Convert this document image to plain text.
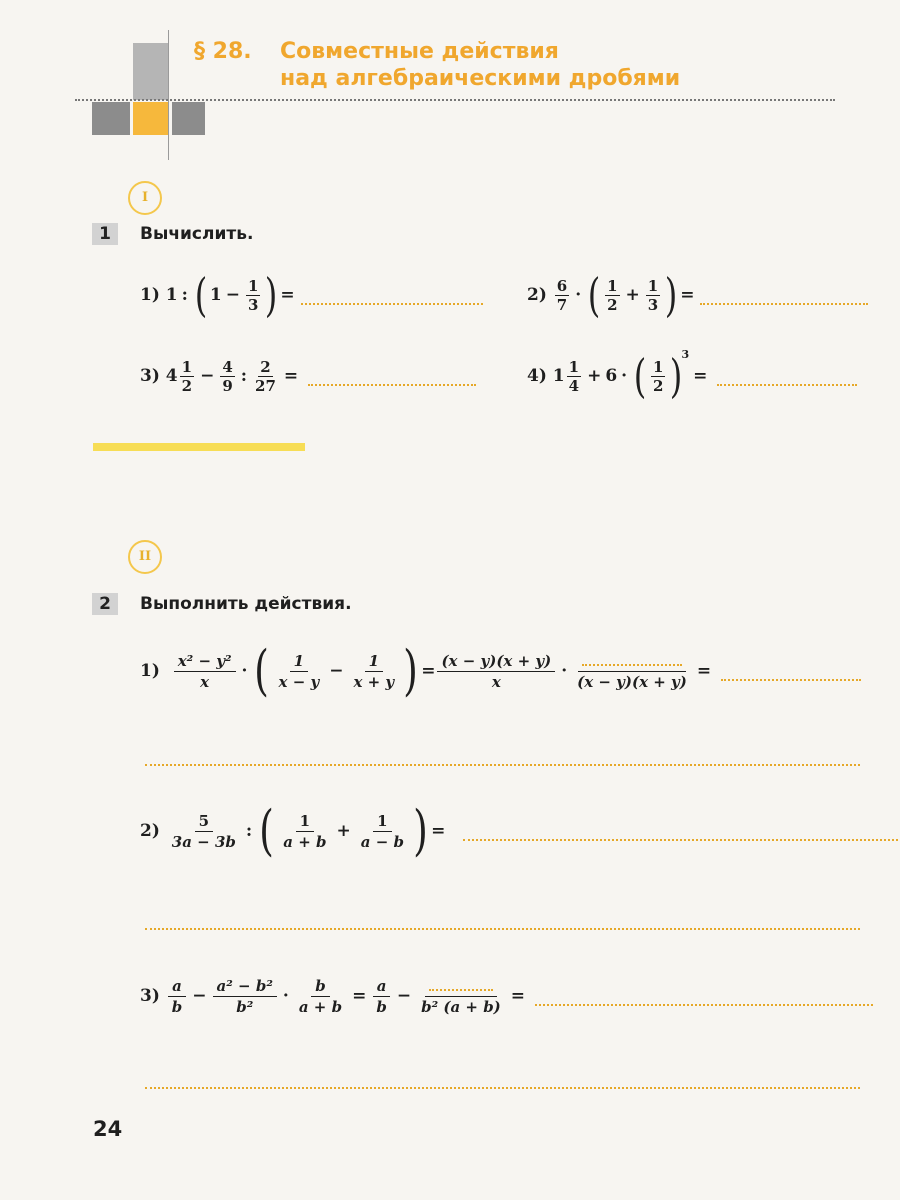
§ 28. Совместные действия
над алгебраическими дробями
I
1	Вычислить.
1)
1 : ( $1 - \frac{1}{3}$ ) =	2)
$\frac{6}{7}$ · ( $\frac{1}{2} + \frac{1}{3}$ ) =
3)
$4 \frac{1}{2} - \frac{4}{9}$ : $\frac{2}{27}$ =	4)
$1 \frac{1}{4} + 6$ · ( $\frac{1}{2}$ )
3
=
II
2	Выполнить действия.
1)
$\frac{\text{x² − y²}}{x}$ · ( $\frac{1}{x - y} - \frac{1}{x + y}$ ) = $\frac{(x - y)(x + y)}{x}$ ·
(x − y)(x + y)
=
2)
$\frac{5}{3a - 3b}$ : ( $\frac{1}{a + b} + \frac{1}{a - b}$ ) =
3)
$\frac{a}{b} - \frac{\text{a² − b²}}{\text{b²}} \cdot \frac{b}{a + b} = \frac{a}{b}$ −
b² (a + b)
=
24
